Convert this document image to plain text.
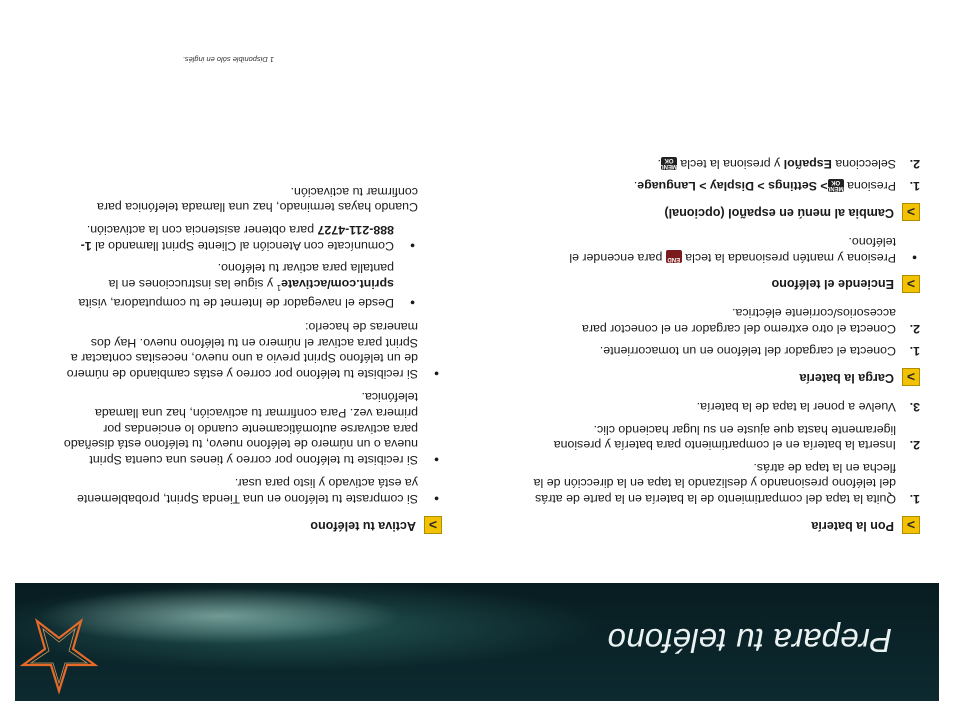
Prepara tu teléfono
>
Pon la batería
1.
Quita la tapa del compartimiento de la batería en la parte de atrás del teléfono presionando y deslizando la tapa en la dirección de la flecha en la tapa de atrás.
2.
Inserta la batería en el compartimiento para batería y presiona ligeramente hasta que ajuste en su lugar haciendo clic.
3.
Vuelve a poner la tapa de la batería.
>
Carga la batería
1.
Conecta el cargador del teléfono en un tomacorriente.
2.
Conecta el otro extremo del cargador en el conector para accesorios/corriente eléctrica.
>
Enciende el teléfono
• Presiona y mantén presionada la tecla END para encender el teléfono.
>
Cambia al menú en español (opcional)
1.
Presiona MENU OK> Settings > Display > Language.
2.
Selecciona Español y presiona la tecla MENU OK.
>
Activa tu teléfono
• Si compraste tu teléfono en una Tienda Sprint, probablemente ya está activado y listo para usar.
• Si recibiste tu teléfono por correo y tienes una cuenta Sprint nueva o un número de teléfono nuevo, tu teléfono está diseñado para activarse automáticamente cuando lo enciendas por primera vez. Para confirmar tu activación, haz una llamada telefónica.
• Si recibiste tu teléfono por correo y estás cambiando de número de un teléfono Sprint previo a uno nuevo, necesitas contactar a Sprint para activar el número en tu teléfono nuevo. Hay dos maneras de hacerlo:
• Desde el navegador de Internet de tu computadora, visita sprint.com/activate$^1$ y sigue las instrucciones en la pantalla para activar tu teléfono.
• Comunícate con Atención al Cliente Sprint llamando al 1-888-211-4727 para obtener asistencia con la activación.
Cuando hayas terminado, haz una llamada telefónica para confirmar tu activación.
1 Disponible sólo en inglés.
